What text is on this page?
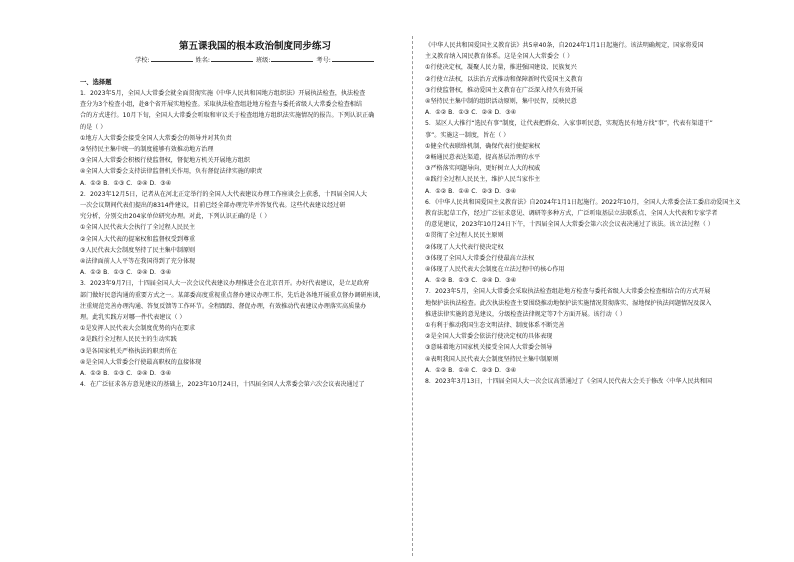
第五课我国的根本政治制度同步练习
学校:	姓名:	班级:	考号:
一、选择题
1．2023年5月，全国人大常委会就全面贯彻实施《中华人民共和国地方组织法》开展执法检查，执法检查
查分为3个检查小组，赴8个省开展实地检查。采取执法检查组赴地方检查与委托省级人大常委会检查相结
合的方式进行。10月下旬，全国人大常委会听取和审议关于检查组地方组织法实施情况的报告。下列认识正确
的是（ ）
①地方人大常委会接受全国人大常委会的领导并对其负责
②坚持民主集中统一的制度能够有效推动地方治理
③全国人大常委会积极行使监督权，督促地方机关开展地方组织
④全国人大常委会支持法律监督机关作用，负有督促法律实施的职责
A．①② B．①③ C．②④ D．③④
2．2023年12月5日，记者从在河北正定举行的全国人大代表建议办理工作座谈会上获悉，十四届全国人大
一次会议期间代表们提出的8314件建议，目前已经全部办理完毕并答复代表。这些代表建议经过研
究分析，分别交由204家单位研究办理。对此，下列认识正确的是（ ）
①全国人民代表大会执行了全过程人民民主
②全国人大代表的提案权和监督权受到尊重
③人民代表大会制度坚持了民主集中制原则
④法律面前人人平等在我国得到了充分体现
A．①② B．①③ C．②④ D．③④
3．2023年9月7日，十四届全国人大一次会议代表建议办理推进会在北京召开。办好代表建议，是立足政府
部门做好民意沟通的重要方式之一。某部委高度重视重点督办建议办理工作，先后赴各地开展重点督办调研座谈，
注重规范完善办理沟通、答复反馈等工作环节。全程跟踪、督促办理，有效推动代表建议办理落实高质量办
理。此乳实践方对哪一件代表建议（ ）
①是发挥人民代表大会制度优势的内在要求
②是践行全过程人民民主的生动实践
③是各国家机关严格执法的职责所在
④是全国人大常委会行使最高职权的直接体现
A．①② B．①③ C．②④ D．③④
4．在广泛征求各方意见建议的基础上，2023年10月24日，十四届全国人大常委会第六次会议表决通过了
《中华人民共和国爱国主义教育法》共5章40条，自2024年1月1日起施行。该法明确规定，国家将爱国
主义教育纳入国民教育体系。这是全国人大常委会（ ）
①行使决定权，凝聚人民力量，推进强国建设、民族复兴
②行使立法权，以法治方式推动和保障新时代爱国主义教育
③行使监督权，推动爱国主义教育在广泛深入持久有效开展
④坚持民主集中制的组织活动原则，集中民智，反映民意
A．①② B．①③ C．②④ D．③④
5．某区人大推行“选民有事”制度，让代表把群众、入家事听民意，实现选民有地方找”事”，代表有渠道干”
事”。实施这一制度，旨在（ ）
①健全代表联络机制，确保代表行使提案权
②畅通民意表达渠道，提高基层治理的水平
③严格落实问题导向，更好树立人大的权威
④践行全过程人民民主，维护人民当家作主
A．①② B．①④ C．②③ D．③④
6．《中华人民共和国爱国主义教育法》自2024年1月1日起施行。2022年10月，全国人大常委会法工委启动爱国主义
教育法起草工作，经过广泛征求意见、调研等多种方式，广泛听取基层立法联系点、全国人大代表和专家学者
的意见建议，2023年10月24日下午，十四届全国人大常委会第六次会议表决通过了该法。该立法过程（ ）
①贯彻了全过程人民民主原则
②体现了人大代表行使决定权
③体现了全国人大常委会行使最高立法权
④体现了人民代表大会制度在立法过程中的核心作用
A．①② B．①③ C．②④ D．③④
7．2023年5月，全国人大常委会采取执法检查组赴地方检查与委托省级人大常委会检查相结合的方式开展
地保护法执法检查。此次执法检查主要围绕推动地保护法实施情况贯彻落实、湿地保护执法问题情况及深入
推进法律实施的意见建议，分级检查法律规定等7个方面开展。该行动（ ）
①有利于推动我国生态文明法律、制度体系不断完善
②是全国人大常委会依法行使决定权的具体表现
③意味着地方国家机关接受全国人大常委会领导
④表明我国人民代表大会制度坚持民主集中制原则
A．①② B．①④ C．②③ D．③④
8．2023年3月13日，十四届全国人大一次会议高票通过了《全国人民代表大会关于修改〈中华人民共和国
